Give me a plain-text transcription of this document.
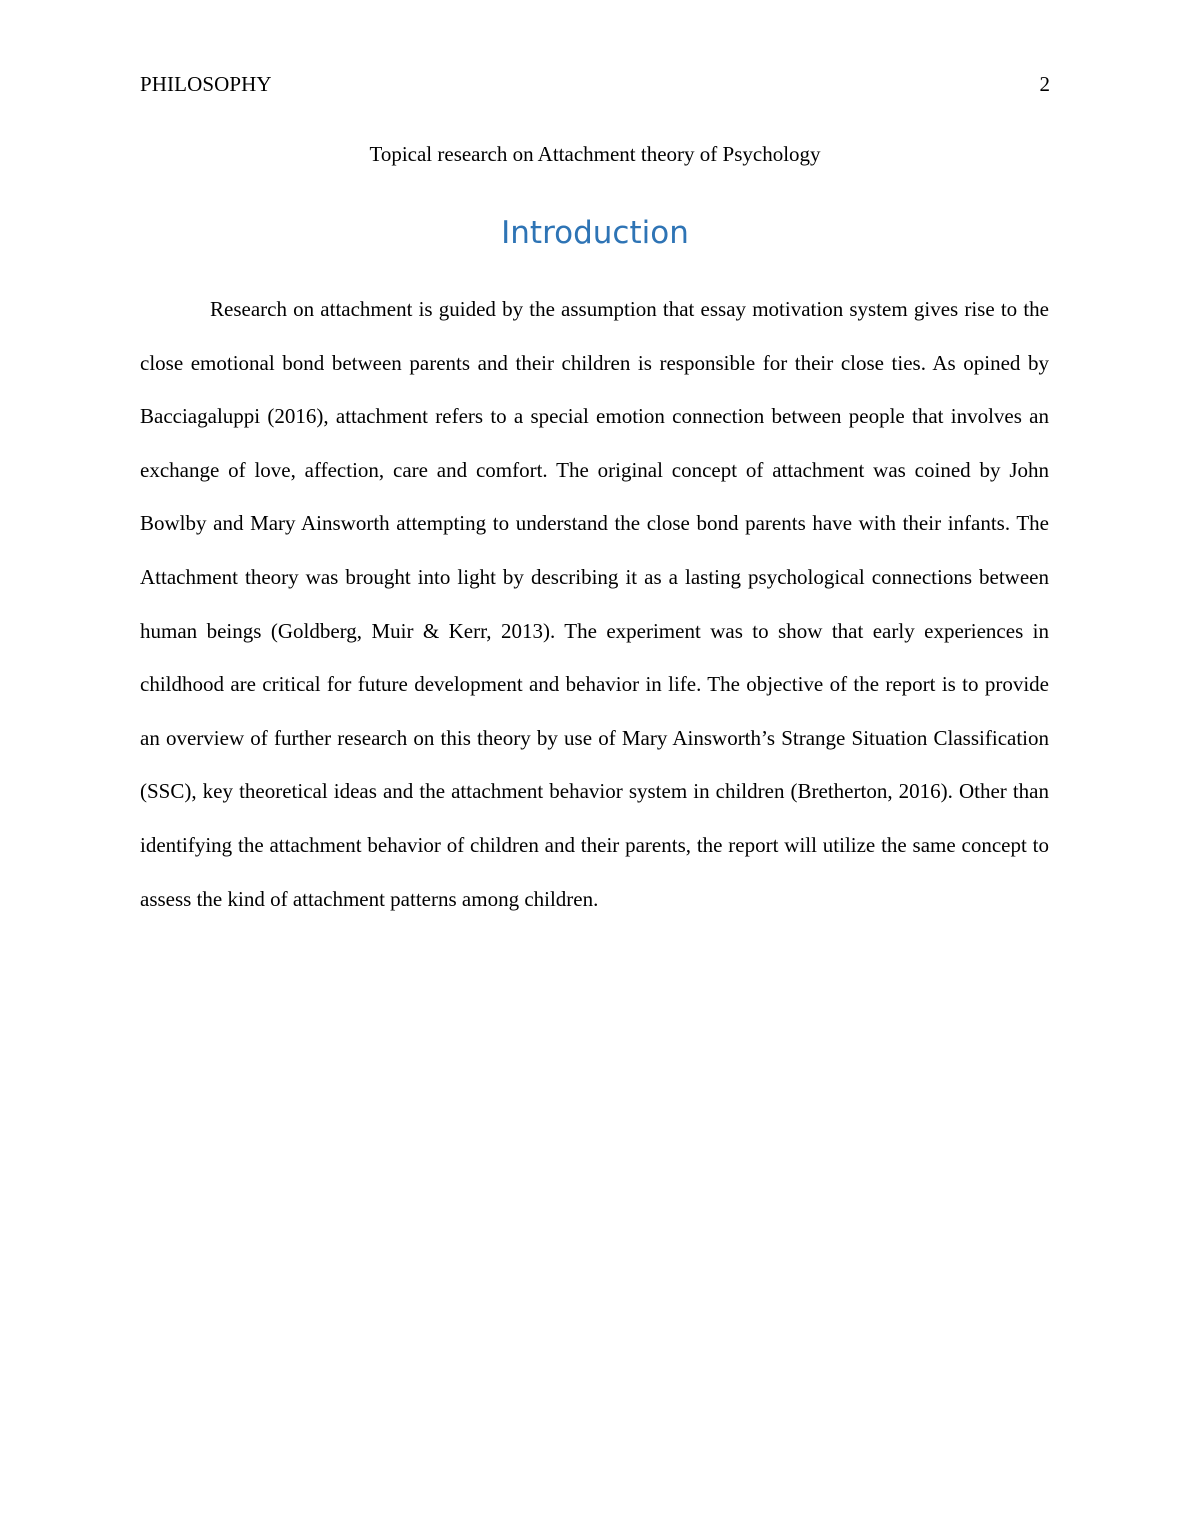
PHILOSOPHY	2
Topical research on Attachment theory of Psychology
Introduction

Research on attachment is guided by the assumption that essay motivation system gives rise to the close emotional bond between parents and their children is responsible for their close ties. As opined by Bacciagaluppi (2016), attachment refers to a special emotion connection between people that involves an exchange of love, affection, care and comfort. The original concept of attachment was coined by John Bowlby and Mary Ainsworth attempting to understand the close bond parents have with their infants. The Attachment theory was brought into light by describing it as a lasting psychological connections between human beings (Goldberg, Muir & Kerr, 2013). The experiment was to show that early experiences in childhood are critical for future development and behavior in life. The objective of the report is to provide an overview of further research on this theory by use of Mary Ainsworth’s Strange Situation Classification (SSC), key theoretical ideas and the attachment behavior system in children (Bretherton, 2016). Other than identifying the attachment behavior of children and their parents, the report will utilize the same concept to assess the kind of attachment patterns among children.
